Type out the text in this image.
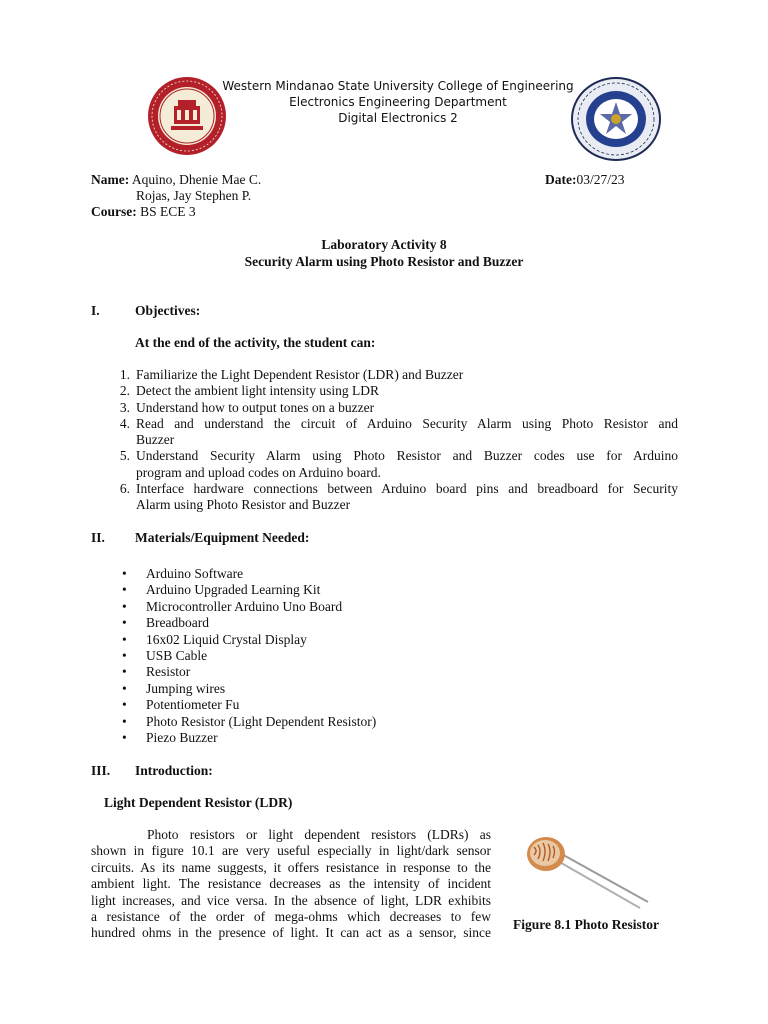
Western Mindanao State University College of Engineering
Electronics Engineering Department
Digital Electronics 2
Name: Aquino, Dhenie Mae C.
Rojas, Jay Stephen P.
Course: BS ECE 3
Date:03/27/23
Laboratory Activity 8
Security Alarm using Photo Resistor and Buzzer
I.	Objectives:
At the end of the activity, the student can:
1. Familiarize the Light Dependent Resistor (LDR) and Buzzer
2. Detect the ambient light intensity using LDR
3. Understand how to output tones on a buzzer
4. Read and understand the circuit of Arduino Security Alarm using Photo Resistor and
Buzzer
5. Understand Security Alarm using Photo Resistor and Buzzer codes use for Arduino
program and upload codes on Arduino board.
6. Interface hardware connections between Arduino board pins and breadboard for Security
Alarm using Photo Resistor and Buzzer
II. Materials/Equipment Needed:
• Arduino Software
• Arduino Upgraded Learning Kit
• Microcontroller Arduino Uno Board
• Breadboard
• 16x02 Liquid Crystal Display
• USB Cable
• Resistor
• Jumping wires
• Potentiometer Fu
• Photo Resistor (Light Dependent Resistor)
• Piezo Buzzer
III. Introduction:
Light Dependent Resistor (LDR)
Photo resistors or light dependent resistors (LDRs) as
shown in figure 10.1 are very useful especially in light/dark sensor
circuits. As its name suggests, it offers resistance in response to the
ambient light. The resistance decreases as the intensity of incident
light increases, and vice versa. In the absence of light, LDR exhibits
a resistance of the order of mega-ohms which decreases to few
hundred ohms in the presence of light. It can act as a sensor, since
Figure 8.1 Photo Resistor
